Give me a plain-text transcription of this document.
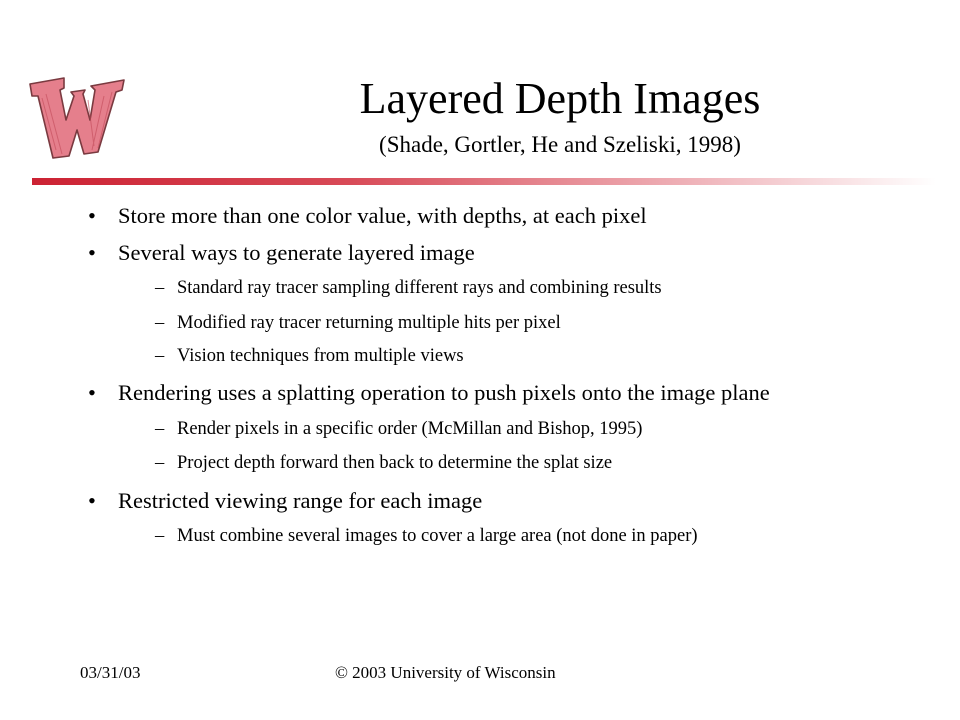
Layered Depth Images
(Shade, Gortler, He and Szeliski, 1998)
• Store more than one color value, with depths, at each pixel
• Several ways to generate layered image
– Standard ray tracer sampling different rays and combining results
– Modified ray tracer returning multiple hits per pixel
– Vision techniques from multiple views
• Rendering uses a splatting operation to push pixels onto the image plane
– Render pixels in a specific order (McMillan and Bishop, 1995)
– Project depth forward then back to determine the splat size
• Restricted viewing range for each image
– Must combine several images to cover a large area (not done in paper)
03/31/03	© 2003 University of Wisconsin
